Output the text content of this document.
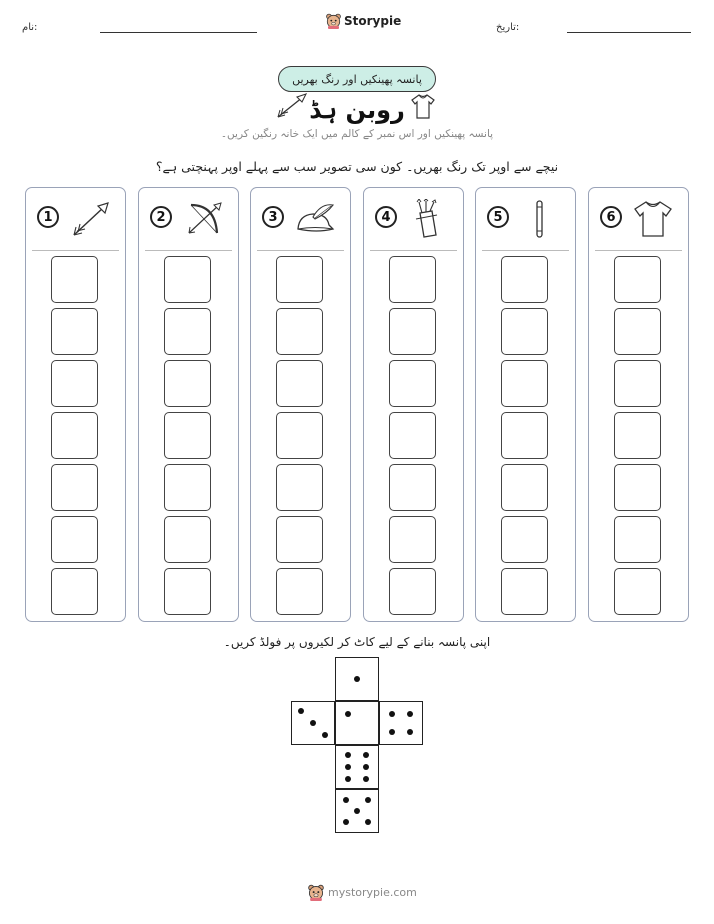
نام:	تاریخ:
Storypie
پانسہ پھینکیں اور رنگ بھریں
روبن ہڈ
پانسہ پھینکیں اور اس نمبر کے کالم میں ایک خانہ رنگین کریں۔
نیچے سے اوپر تک رنگ بھریں۔ کون سی تصویر سب سے پہلے اوپر پہنچتی ہے؟
1	2	3	4	5	6
اپنی پانسہ بنانے کے لیے کاٹ کر لکیروں پر فولڈ کریں۔
mystorypie.com
